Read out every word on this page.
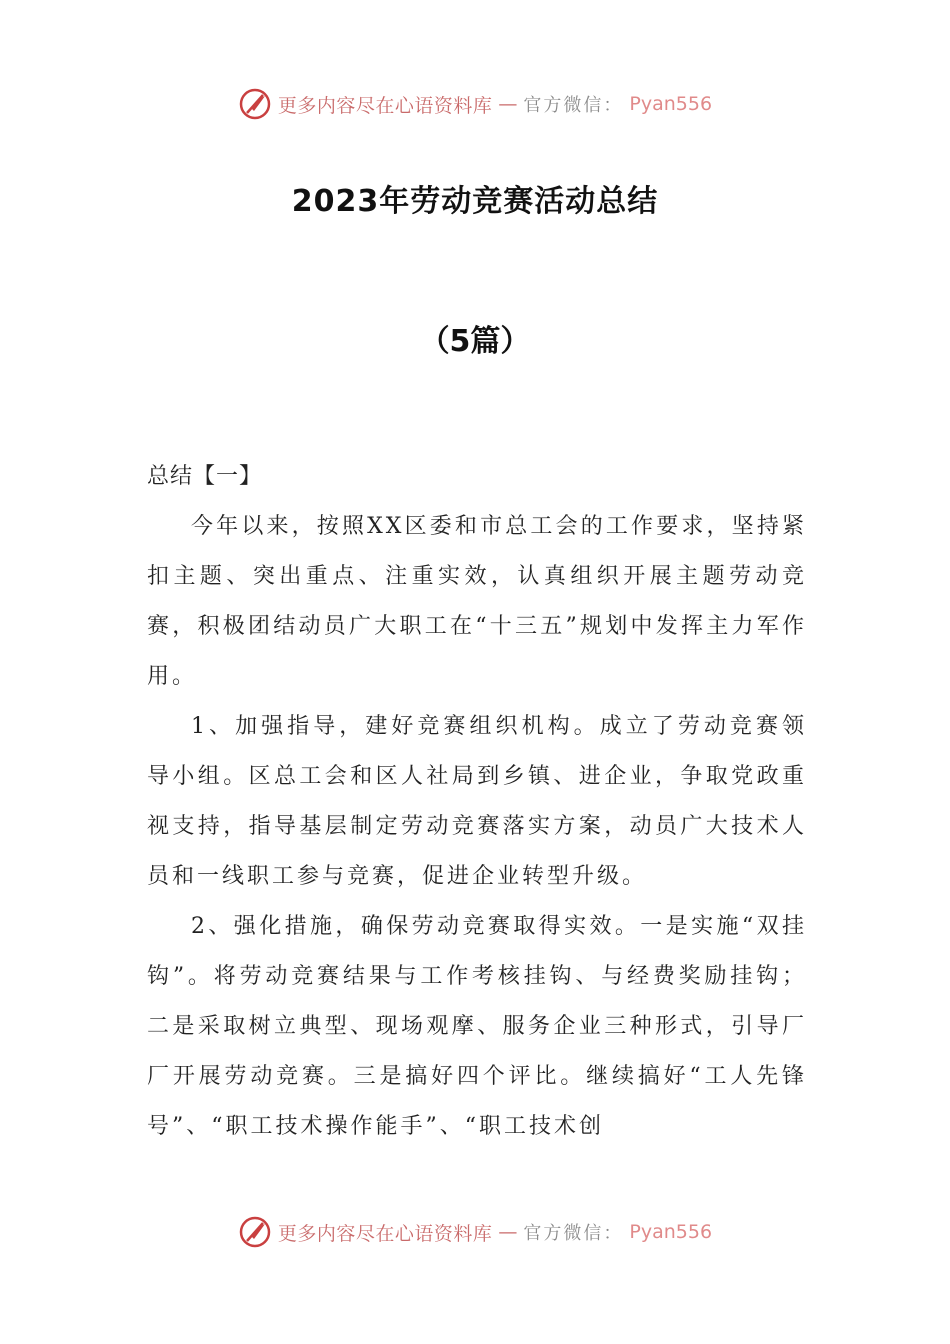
更多内容尽在心语资料库 — 官方微信： Pyan556
2023年劳动竞赛活动总结
（5篇）

总结【一】

今年以来，按照XX区委和市总工会的工作要求，坚持紧扣主题、突出重点、注重实效，认真组织开展主题劳动竞赛，积极团结动员广大职工在“十三五”规划中发挥主力军作用。

1、加强指导，建好竞赛组织机构。成立了劳动竞赛领导小组。区总工会和区人社局到乡镇、进企业，争取党政重视支持，指导基层制定劳动竞赛落实方案，动员广大技术人员和一线职工参与竞赛，促进企业转型升级。

2、强化措施，确保劳动竞赛取得实效。一是实施“双挂钩”。将劳动竞赛结果与工作考核挂钩、与经费奖励挂钩；二是采取树立典型、现场观摩、服务企业三种形式，引导厂厂开展劳动竞赛。三是搞好四个评比。继续搞好“工人先锋号”、“职工技术操作能手”、“职工技术创

更多内容尽在心语资料库 — 官方微信： Pyan556
